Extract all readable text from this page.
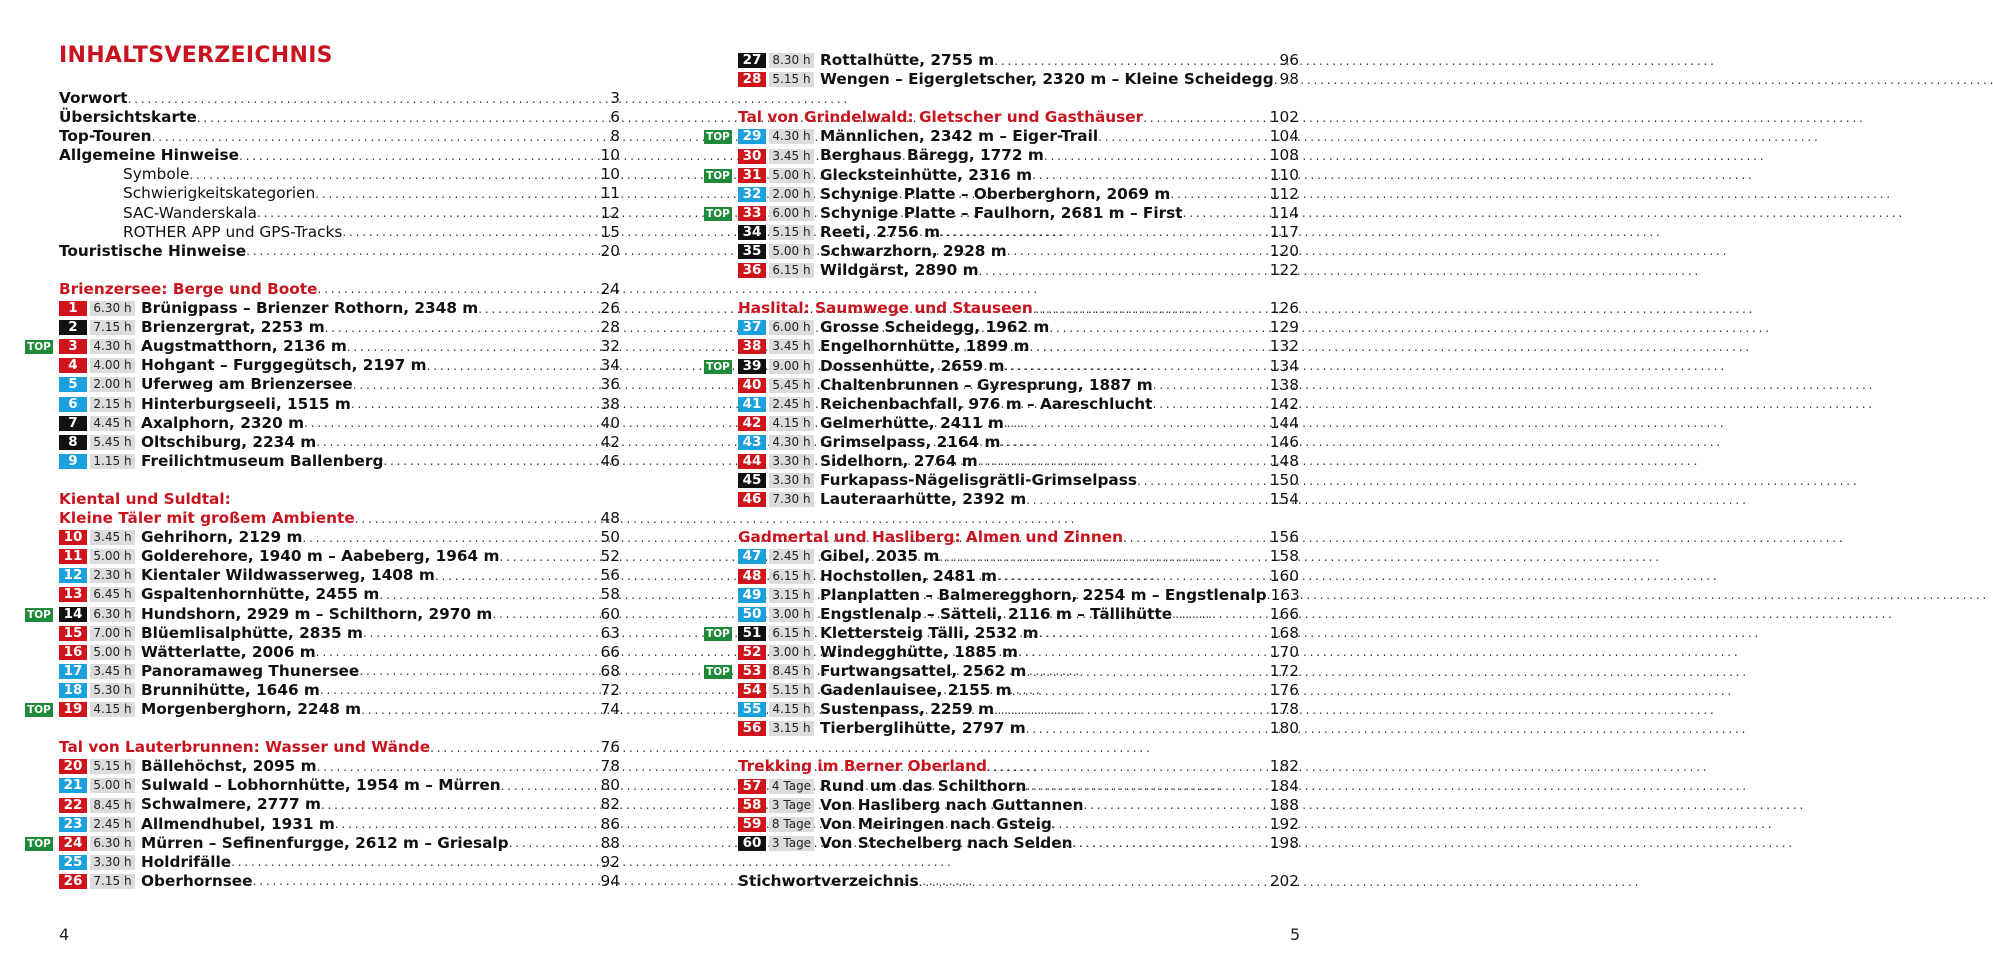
INHALTSVERZEICHNIS
Vorwort . . .	3
Übersichtskarte . . .	6
Top-Touren . . .	8
Allgemeine Hinweise . . .	10
Symbole . . .	10
Schwierigkeitskategorien . . .	11
SAC-Wanderskala . . .	12
ROTHER APP und GPS-Tracks . . .	15
Touristische Hinweise . . .	20
Brienzersee: Berge und Boote . . .	24
1	6.30 h Brünigpass – Brienzer Rothorn, 2348 m . . .	26
2	7.15 h Brienzergrat, 2253 m . . .	28
TOP	3	4.30 h Augstmatthorn, 2136 m . . .	32
4	4.00 h Hohgant – Furggegütsch, 2197 m . . .	34
5	2.00 h Uferweg am Brienzersee . . .	36
6	2.15 h Hinterburgseeli, 1515 m . . .	38
7	4.45 h Axalphorn, 2320 m . . .	40
8	5.45 h Oltschiburg, 2234 m . . .	42
9	1.15 h Freilichtmuseum Ballenberg . . .	46
Kiental und Suldtal:
Kleine Täler mit großem Ambiente . . .	48
10 3.45 h Gehrihorn, 2129 m . . .	50
11 5.00 h Golderehore, 1940 m – Aabeberg, 1964 m . . .	52
12 2.30 h Kientaler Wildwasserweg, 1408 m . . .	56
13 6.45 h Gspaltenhornhütte, 2455 m . . .	58
TOP 14 6.30 h Hundshorn, 2929 m – Schilthorn, 2970 m . . .	60
15 7.00 h Blüemlisalphütte, 2835 m . . .	63
16 5.00 h Wätterlatte, 2006 m . . .	66
17 3.45 h Panoramaweg Thunersee . . .	68
18 5.30 h Brunnihütte, 1646 m . . .	72
TOP 19 4.15 h Morgenberghorn, 2248 m . . .	74
Tal von Lauterbrunnen: Wasser und Wände . . .	76
20 5.15 h Bällehöchst, 2095 m . . .	78
21 5.00 h Sulwald – Lobhornhütte, 1954 m – Mürren . . .	80
22 8.45 h Schwalmere, 2777 m . . .	82
23 2.45 h Allmendhubel, 1931 m . . .	86
TOP 24 6.30 h Mürren – Sefinenfurgge, 2612 m – Griesalp . . .	88
25 3.30 h Holdrifälle . . .	92
26 7.15 h Oberhornsee . . .	94
4
27 8.30 h Rottalhütte, 2755 m . . .	96
28 5.15 h Wengen – Eigergletscher, 2320 m – Kleine Scheidegg . . . 98
Tal von Grindelwald: Gletscher und Gasthäuser . . .	102
TOP 29 4.30 h Männlichen, 2342 m – Eiger-Trail . . .	104
30 3.45 h Berghaus Bäregg, 1772 m . . .	108
TOP 31 5.00 h Glecksteinhütte, 2316 m . . .	110
32 2.00 h Schynige Platte – Oberberghorn, 2069 m . . .	112
TOP 33 6.00 h Schynige Platte – Faulhorn, 2681 m – First . . .	114
34 5.15 h Reeti, 2756 m . . .	117
35 5.00 h Schwarzhorn, 2928 m . . .	120
36 6.15 h Wildgärst, 2890 m . . .	122
Haslital: Saumwege und Stauseen . . .	126
37 6.00 h Grosse Scheidegg, 1962 m . . .	129
38 3.45 h Engelhornhütte, 1899 m . . .	132
TOP 39 9.00 h Dossenhütte, 2659 m . . .	134
40 5.45 h Chaltenbrunnen – Gyresprung, 1887 m . . .	138
41 2.45 h Reichenbachfall, 976 m – Aareschlucht . . .	142
42 4.15 h Gelmerhütte, 2411 m . . .	144
43 4.30 h Grimselpass, 2164 m . . .	146
44 3.30 h Sidelhorn, 2764 m . . .	148
45 3.30 h Furkapass-Nägelisgrätli-Grimselpass . . .	150
46 7.30 h Lauteraarhütte, 2392 m . . .	154
Gadmertal und Hasliberg: Almen und Zinnen . . .	156
47 2.45 h Gibel, 2035 m . . .	158
48 6.15 h Hochstollen, 2481 m . . .	160
49 3.15 h Planplatten – Balmeregghorn, 2254 m – Engstlenalp . . . 163
50 3.00 h Engstlenalp – Sätteli, 2116 m – Tällihütte . . .	166
TOP 51 6.15 h Klettersteig Tälli, 2532 m . . .	168
52 3.00 h Windegghütte, 1885 m . . .	170
TOP 53 8.45 h Furtwangsattel, 2562 m . . .	172
54 5.15 h Gadenlauisee, 2155 m . . .	176
55 4.15 h Sustenpass, 2259 m . . .	178
56 3.15 h Tierberglihütte, 2797 m . . .	180
Trekking im Berner Oberland . . .	182
57 4 Tage Rund um das Schilthorn . . .	184
58 3 Tage Von Hasliberg nach Guttannen . . .	188
59 8 Tage Von Meiringen nach Gsteig . . .	192
60 3 Tage Von Stechelberg nach Selden . . .	198
Stichwortverzeichnis . . .	202
5
